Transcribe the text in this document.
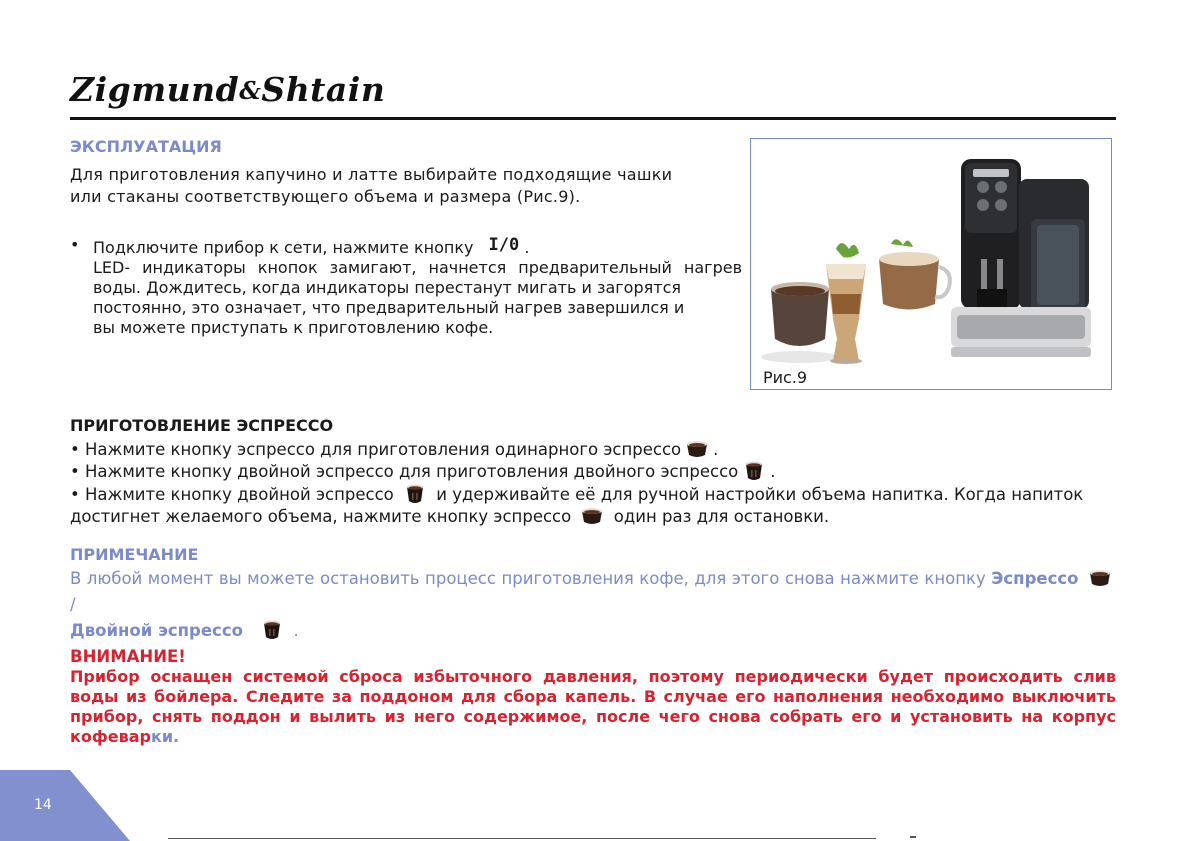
Zigmund&Shtain
ЭКСПЛУАТАЦИЯ
Для приготовления капучино и латте выбирайте подходящие чашки
или стаканы соответствующего объема и размера (Рис.9).
• Подключите прибор к сети, нажмите кнопку I/0 .
LED- индикаторы кнопок замигают, начнется предварительный нагрев
воды. Дождитесь, когда индикаторы перестанут мигать и загорятся
постоянно, это означает, что предварительный нагрев завершился и
вы можете приступать к приготовлению кофе.
Рис.9
ПРИГОТОВЛЕНИЕ ЭСПРЕССО
• Нажмите кнопку эспрессо для приготовления одинарного эспрессо .
• Нажмите кнопку двойной эспрессо для приготовления двойного эспрессо .
• Нажмите кнопку двойной эспрессо	и удерживайте её для ручной настройки объема напитка. Когда напиток
достигнет желаемого объема, нажмите кнопку эспрессо	один раз для остановки.
ПРИМЕЧАНИЕ
В любой момент вы можете остановить процесс приготовления кофе, для этого снова нажмите кнопку Эспрессо  /
Двойной эспрессо	.
ВНИМАНИЕ!
Прибор оснащен системой сброса избыточного давления, поэтому периодически будет происходить слив воды из бойлера. Следите за поддоном для сбора капель. В случае его наполнения необходимо выключить прибор, снять поддон и вылить из него содержимое, после чего снова собрать его и установить на корпус кофеварки.
14
